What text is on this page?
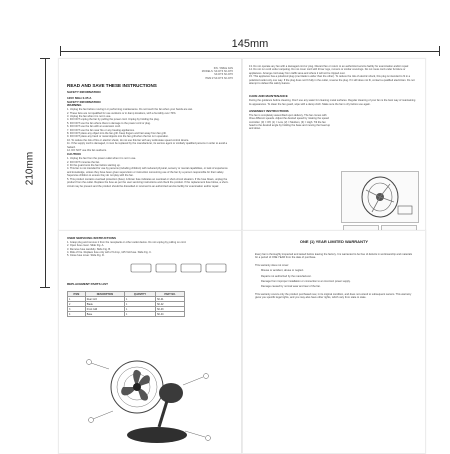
145mm
210mm

6IN. TABLE FAN

MODELS: SF-DT6 SF-DT6

SF-DT6 SF-DT6

ITEM # SF-DT6 SF-DT6

READ AND SAVE THESE INSTRUCTIONS

SAFETY INFORMATION

120V 60Hz 0.35 A

SAFETY INFORMATION

WARNING

1. Unplug the fan before moving it or performing maintenance. Do not touch the fan when your hands are wet.

2. These fans are not qualified for use outdoors or in damp locations, with a humidity over 70%.

3. Unplug the fan when it is not in use.

4. DO NOT unplug the fan by pulling the power cord. Unplug by holding the plug.

5. DO NOT use the fan where there is damage to the power cord or plug.

6. DO NOT use the fan with an extension cord.

7. DO NOT use the fan near fire or any heating appliances.

8. DO NOT place any object into the fan grill. Keep fingers and hair away from fan grill.

9. DO NOT place any hand or metal objects into the fan grill when the fan is in operation.

10. To reduce the risk of fire or electric shock, do not use this fan with any solid-state speed control device.

11. If the supply cord is damaged, it must be replaced by the manufacturer, its service agent or similarly qualified persons in order to avoid a hazard.

12. DO NOT use this fan outdoors.

CAUTION

1. Unplug the fan from the power outlet when it is not in use.

2. DO NOT immerse the fan.

3. Fit the guard onto the fan before starting up.

4. This fan is not intended for use by persons (including children) with reduced physical, sensory or mental capabilities, or lack of experience and knowledge, unless they have been given supervision or instruction concerning use of the fan by a person responsible for their safety. Supervise children to ensure they do not play with the fan.

5. This product contains overload protection (fuse). A blown fuse indicates an overload or short-circuit situation. If the fuse blows, unplug the product from the outlet. Replace the fuse as per the user servicing instructions and check the product. If the replacement fuse blows, a short-circuit may be present and the product should be discarded or returned to an authorized service facility for examination and/or repair.

13. Do not operate any fan with a damaged cord or plug. Discard fan or return to an authorized service facility for examination and/or repair.

14. Do not run cord under carpeting. Do not cover cord with throw rugs, runners or similar coverings. Do not route cord under furniture or appliances. Arrange cord away from traffic area and where it will not be tripped over.

15. This appliance has a polarized plug (one blade is wider than the other). To reduce the risk of electric shock, this plug is intended to fit in a polarized outlet only one way. If the plug does not fit fully in the outlet, reverse the plug. If it still does not fit, contact a qualified electrician. Do not attempt to defeat this safety feature.

CARE AND MAINTENANCE

During the guidance before cleaning. Don't use any water for cleaning metal surfaces. Regular cleaning of your fan is the best way of maintaining its appearance. To clean the fan guard, wipe with a damp cloth. Make sure the fan is dry before use again.

ASSEMBLY INSTRUCTIONS

The fan is completely assembled upon delivery. The fan comes with three different speeds. Adjust the desired speed by rotating the speed controller. (0) = Off, (1) = Low, (2) = Medium, (3) = High. Tilt the fan head to the desired angle by holding the base and moving the head up and down.

USER SERVICING INSTRUCTIONS

1. Grasp plug and remove it from the receptacle or other outlet device. Do not unplug by pulling on cord.

2. Open fuse cover. Slide Fig. A.

3. Remove fuse carefully. Slide Fig. B.

4. Risk of fire. Replace fuse only with 2.5 Amp, 125 Volt fuse. Slide Fig. C.

5. Close fuse cover. Slide Fig. D.

REPLACEMENT PARTS LIST

ITEM	DESCRIPTION	QUANTITY	PART NO.
1	Rear Grill	1	SF-01
2	Blade	1	SF-02
3	Front Grill	1	SF-03
4	Base	1	SF-04

ONE (1) YEAR LIMITED WARRANTY

Every fan is thoroughly inspected and tested before leaving the factory. It is warranted to be free of defects in workmanship and materials for a period of ONE YEAR from the date of purchase.

This warranty does not cover:

Misuse or accident, abuse or neglect.

Repairs not authorized by the manufacturer.

Damage from improper installation or connection to an incorrect power supply.

Damage caused by normal wear and tear of the fan.

This warranty covers only the product purchased new, in its original condition, and does not extend to subsequent owners. This warranty gives you specific legal rights, and you may also have other rights, which vary from state to state.
